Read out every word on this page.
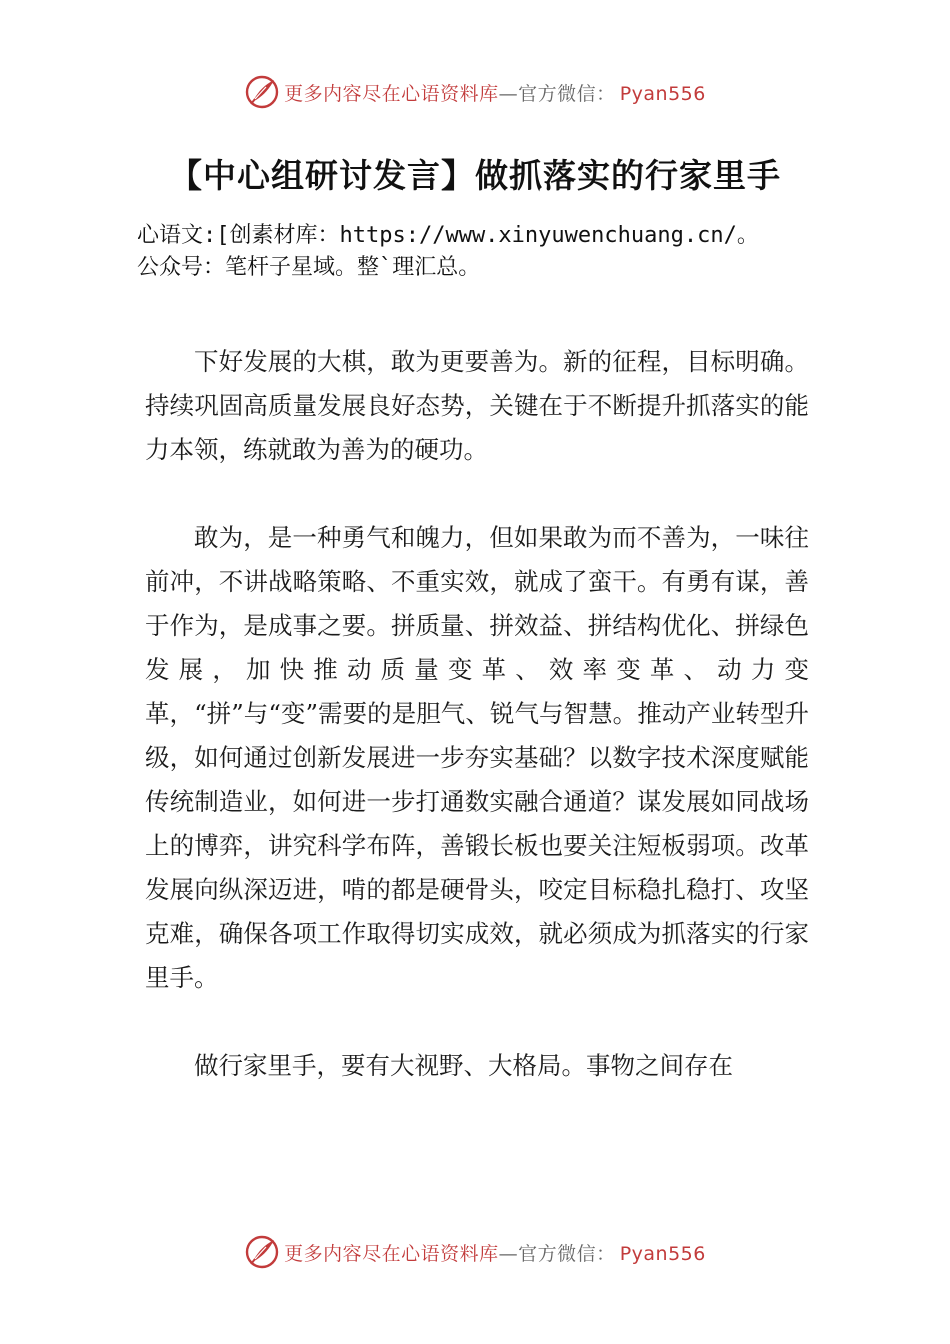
更多内容尽在心语资料库—官方微信： Pyan556
【中心组研讨发言】做抓落实的行家里手
心语文:[创素材库：https://www.xinyuwenchuang.cn/。
公众号：笔杆子星域。整`理汇总。

下好发展的大棋，敢为更要善为。新的征程，目标明确。持续巩固高质量发展良好态势，关键在于不断提升抓落实的能力本领，练就敢为善为的硬功。

敢为，是一种勇气和魄力，但如果敢为而不善为，一味往前冲，不讲战略策略、不重实效，就成了蛮干。有勇有谋，善于作为，是成事之要。拼质量、拼效益、拼结构优化、拼绿色发展，加快推动质量变革、效率变革、动力变革，“拼”与“变”需要的是胆气、锐气与智慧。推动产业转型升级，如何通过创新发展进一步夯实基础？以数字技术深度赋能传统制造业，如何进一步打通数实融合通道？谋发展如同战场上的博弈，讲究科学布阵，善锻长板也要关注短板弱项。改革发展向纵深迈进，啃的都是硬骨头，咬定目标稳扎稳打、攻坚克难，确保各项工作取得切实成效，就必须成为抓落实的行家里手。

做行家里手，要有大视野、大格局。事物之间存在

更多内容尽在心语资料库—官方微信： Pyan556
